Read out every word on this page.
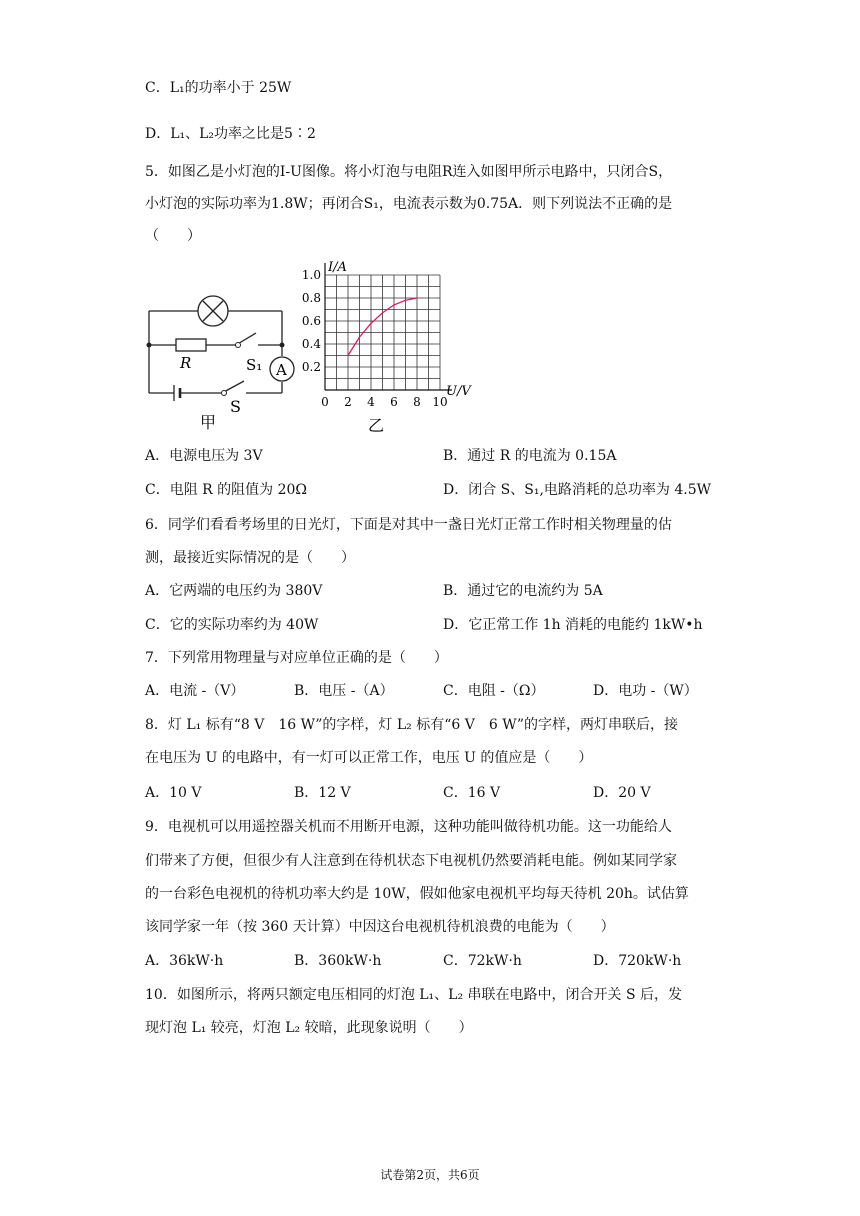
C．L₁的功率小于 25W
D．L₁、L₂功率之比是5∶2
5．如图乙是小灯泡的I-U图像。将小灯泡与电阻R连入如图甲所示电路中，只闭合S，
小灯泡的实际功率为1.8W；再闭合S₁，电流表示数为0.75A．则下列说法不正确的是
（　　）
R	S₁ A
S
甲
0 2 4 6 8 10
0.2
0.4
0.6
0.8
1.0 I/A
U/V
乙
A．电源电压为 3V	B．通过 R 的电流为 0.15A
C．电阻 R 的阻值为 20Ω	D．闭合 S、S₁,电路消耗的总功率为 4.5W
6．同学们看看考场里的日光灯，下面是对其中一盏日光灯正常工作时相关物理量的估
测，最接近实际情况的是（　　）
A．它两端的电压约为 380V	B．通过它的电流约为 5A
C．它的实际功率约为 40W	D．它正常工作 1h 消耗的电能约 1kW•h
7．下列常用物理量与对应单位正确的是（　　）
A．电流 -（V）	B．电压 -（A）	C．电阻 -（Ω）	D．电功 -（W）
8．灯 L₁ 标有“8 V　16 W”的字样，灯 L₂ 标有“6 V　6 W”的字样，两灯串联后，接
在电压为 U 的电路中，有一灯可以正常工作，电压 U 的值应是（　　）
A．10 V	B．12 V	C．16 V	D．20 V
9．电视机可以用遥控器关机而不用断开电源，这种功能叫做待机功能。这一功能给人
们带来了方便，但很少有人注意到在待机状态下电视机仍然要消耗电能。例如某同学家
的一台彩色电视机的待机功率大约是 10W，假如他家电视机平均每天待机 20h。试估算
该同学家一年（按 360 天计算）中因这台电视机待机浪费的电能为（　　）
A．36kW·h	B．360kW·h	C．72kW·h	D．720kW·h
10．如图所示，将两只额定电压相同的灯泡 L₁、L₂ 串联在电路中，闭合开关 S 后，发
现灯泡 L₁ 较亮，灯泡 L₂ 较暗，此现象说明（　　）
试卷第2页，共6页
